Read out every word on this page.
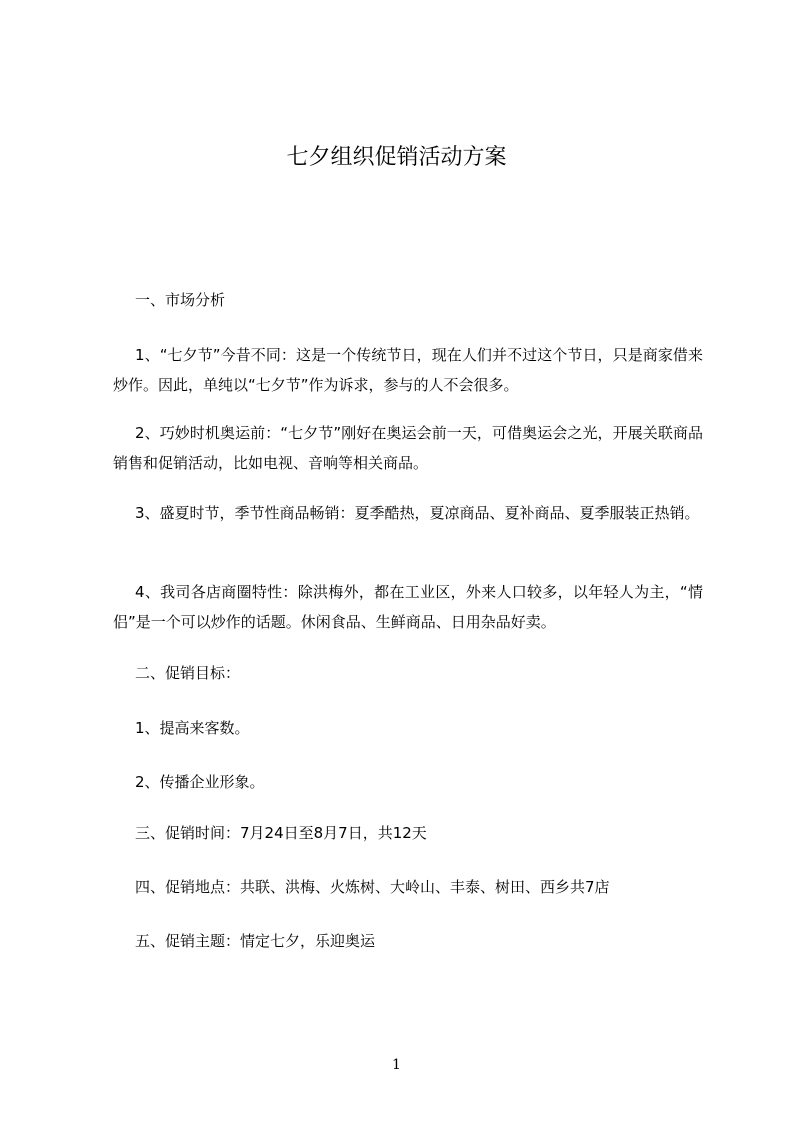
七夕组织促销活动方案

一、市场分析

1、“七夕节”今昔不同：这是一个传统节日，现在人们并不过这个节日，只是商家借来炒作。因此，单纯以“七夕节”作为诉求，参与的人不会很多。

2、巧妙时机奥运前：“七夕节”刚好在奥运会前一天，可借奥运会之光，开展关联商品销售和促销活动，比如电视、音响等相关商品。

3、盛夏时节，季节性商品畅销：夏季酷热，夏凉商品、夏补商品、夏季服装正热销。

4、我司各店商圈特性：除洪梅外，都在工业区，外来人口较多，以年轻人为主，“情侣”是一个可以炒作的话题。休闲食品、生鲜商品、日用杂品好卖。

二、促销目标：

1、提高来客数。

2、传播企业形象。

三、促销时间：7月24日至8月7日，共12天

四、促销地点：共联、洪梅、火炼树、大岭山、丰泰、树田、西乡共7店

五、促销主题：情定七夕，乐迎奥运

1
